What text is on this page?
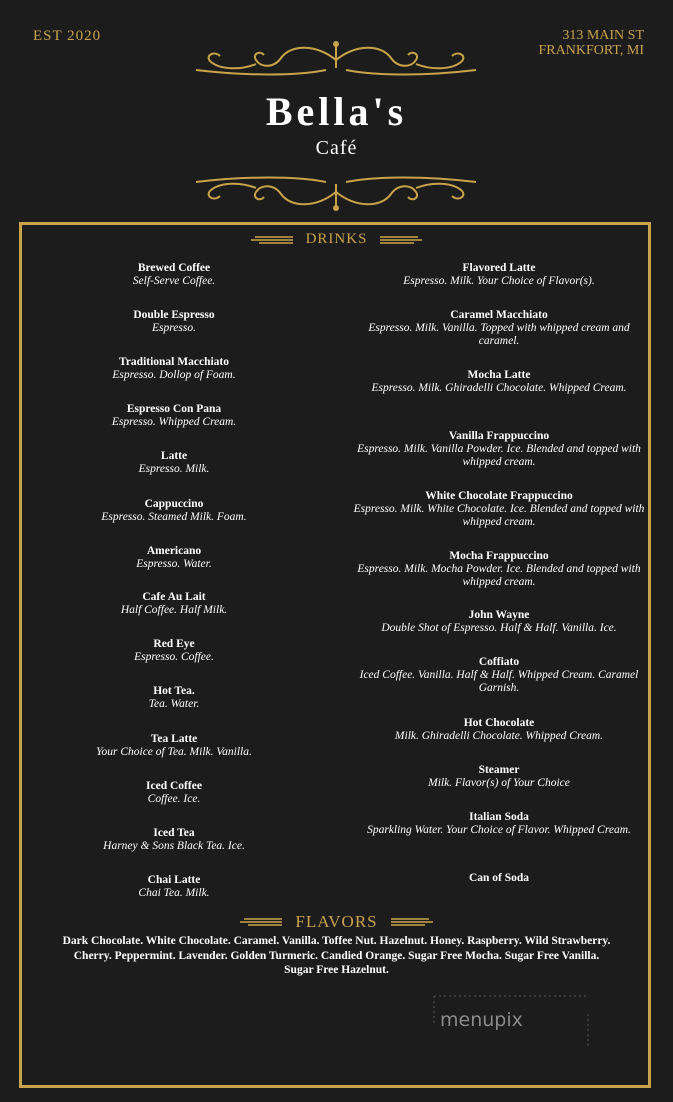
EST 2020	313 MAIN ST
FRANKFORT, MI
Bella's
Café
DRINKS
Brewed Coffee
Self-Serve Coffee.
Double Espresso
Espresso.
Traditional Macchiato
Espresso. Dollop of Foam.
Espresso Con Pana
Espresso. Whipped Cream.
Latte
Espresso. Milk.
Cappuccino
Espresso. Steamed Milk. Foam.
Americano
Espresso. Water.
Cafe Au Lait
Half Coffee. Half Milk.
Red Eye
Espresso. Coffee.
Hot Tea.
Tea. Water.
Tea Latte
Your Choice of Tea. Milk. Vanilla.
Iced Coffee
Coffee. Ice.
Iced Tea
Harney & Sons Black Tea. Ice.
Chai Latte
Chai Tea. Milk.
Flavored Latte
Espresso. Milk. Your Choice of Flavor(s).
Caramel Macchiato
Espresso. Milk. Vanilla. Topped with whipped cream and caramel.
Mocha Latte
Espresso. Milk. Ghiradelli Chocolate. Whipped Cream.
Vanilla Frappuccino
Espresso. Milk. Vanilla Powder. Ice. Blended and topped with whipped cream.
White Chocolate Frappuccino
Espresso. Milk. White Chocolate. Ice. Blended and topped with whipped cream.
Mocha Frappuccino
Espresso. Milk. Mocha Powder. Ice. Blended and topped with whipped cream.
John Wayne
Double Shot of Espresso. Half & Half. Vanilla. Ice.
Coffiato
Iced Coffee. Vanilla. Half & Half. Whipped Cream. Caramel Garnish.
Hot Chocolate
Milk. Ghiradelli Chocolate. Whipped Cream.
Steamer
Milk. Flavor(s) of Your Choice
Italian Soda
Sparkling Water. Your Choice of Flavor. Whipped Cream.
Can of Soda
FLAVORS
Dark Chocolate. White Chocolate. Caramel. Vanilla. Toffee Nut. Hazelnut. Honey. Raspberry. Wild Strawberry. Cherry. Peppermint. Lavender. Golden Turmeric. Candied Orange. Sugar Free Mocha. Sugar Free Vanilla. Sugar Free Hazelnut.
menupix
